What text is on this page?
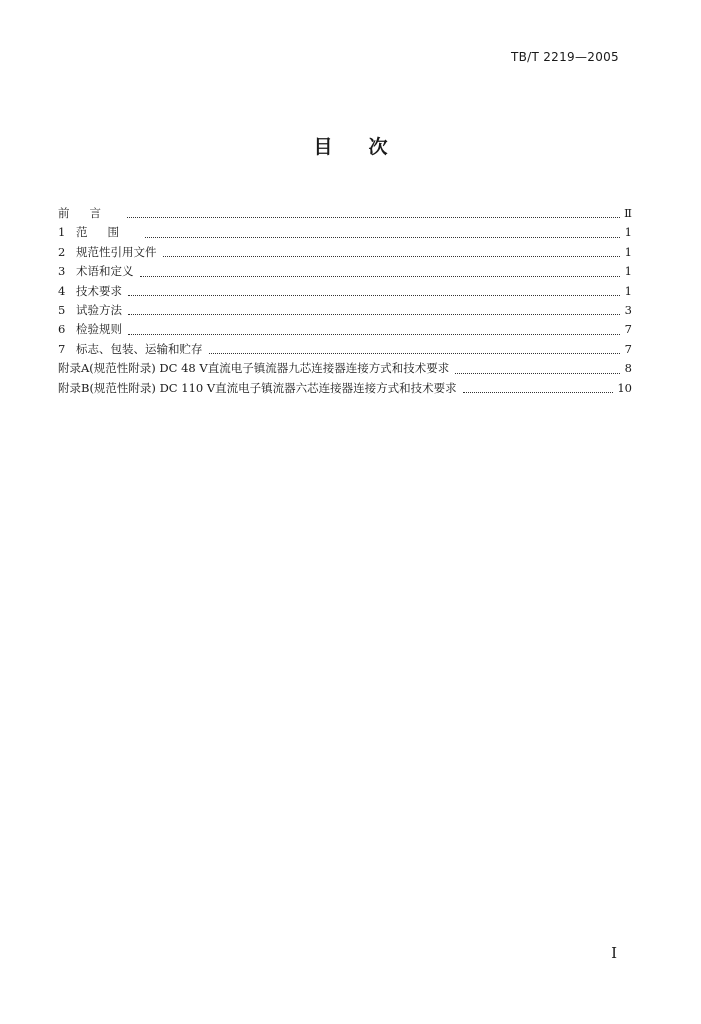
TB/T 2219—2005
目次
前言	Ⅱ
1 范围	1
2 规范性引用文件	1
3 术语和定义	1
4 技术要求	1
5 试验方法	3
6 检验规则	7
7 标志、包装、运输和贮存	7
附录A(规范性附录) DC 48 V直流电子镇流器九芯连接器连接方式和技术要求	8
附录B(规范性附录) DC 110 V直流电子镇流器六芯连接器连接方式和技术要求	10
I
